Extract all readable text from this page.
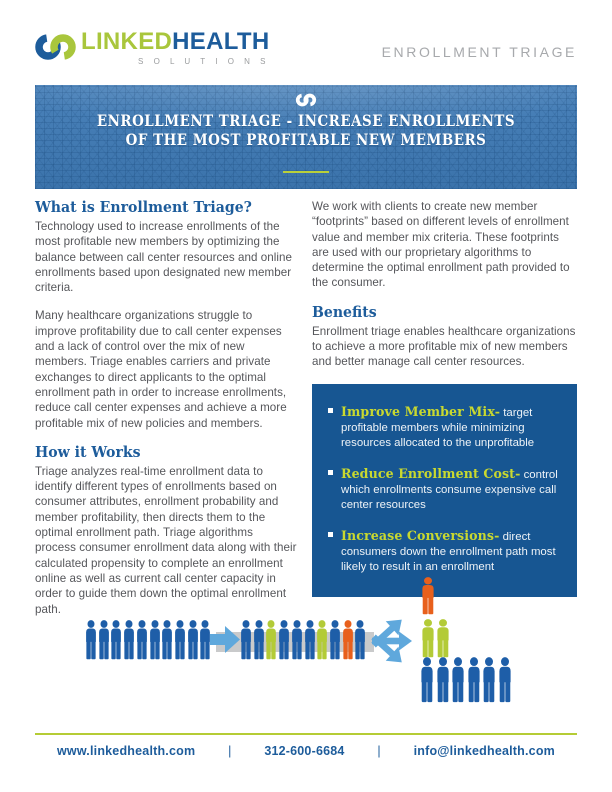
LINKEDHEALTH
S O L U T I O N S
ENROLLMENT TRIAGE
ENROLLMENT TRIAGE - INCREASE ENROLLMENTS
OF THE MOST PROFITABLE NEW MEMBERS
What is Enrollment Triage?

Technology used to increase enrollments of the most profitable new members by optimizing the balance between call center resources and online enrollments based upon designated new member criteria.

Many healthcare organizations struggle to improve profitability due to call center expenses and a lack of control over the mix of new members. Triage enables carriers and private exchanges to direct applicants to the optimal enrollment path in order to increase enrollments, reduce call center expenses and achieve a more profitable mix of new policies and members.

How it Works

Triage analyzes real-time enrollment data to identify different types of enrollments based on consumer attributes, enrollment probability and member profitability, then directs them to the optimal enrollment path. Triage algorithms process consumer enrollment data along with their calculated propensity to complete an enrollment online as well as current call center capacity in order to guide them down the optimal enrollment path.

We work with clients to create new member “footprints” based on different levels of enrollment value and member mix criteria. These footprints are used with our proprietary algorithms to determine the optimal enrollment path provided to the consumer.

Benefits

Enrollment triage enables healthcare organizations to achieve a more profitable mix of new members and better manage call center resources.

Improve Member Mix- target profitable members while minimizing resources allocated to the unprofitable
Reduce Enrollment Cost- control which enrollments consume expensive call center resources
Increase Conversions- direct consumers down the enrollment path most likely to result in an enrollment
www.linkedhealth.com	|	312-600-6684	|	info@linkedhealth.com
